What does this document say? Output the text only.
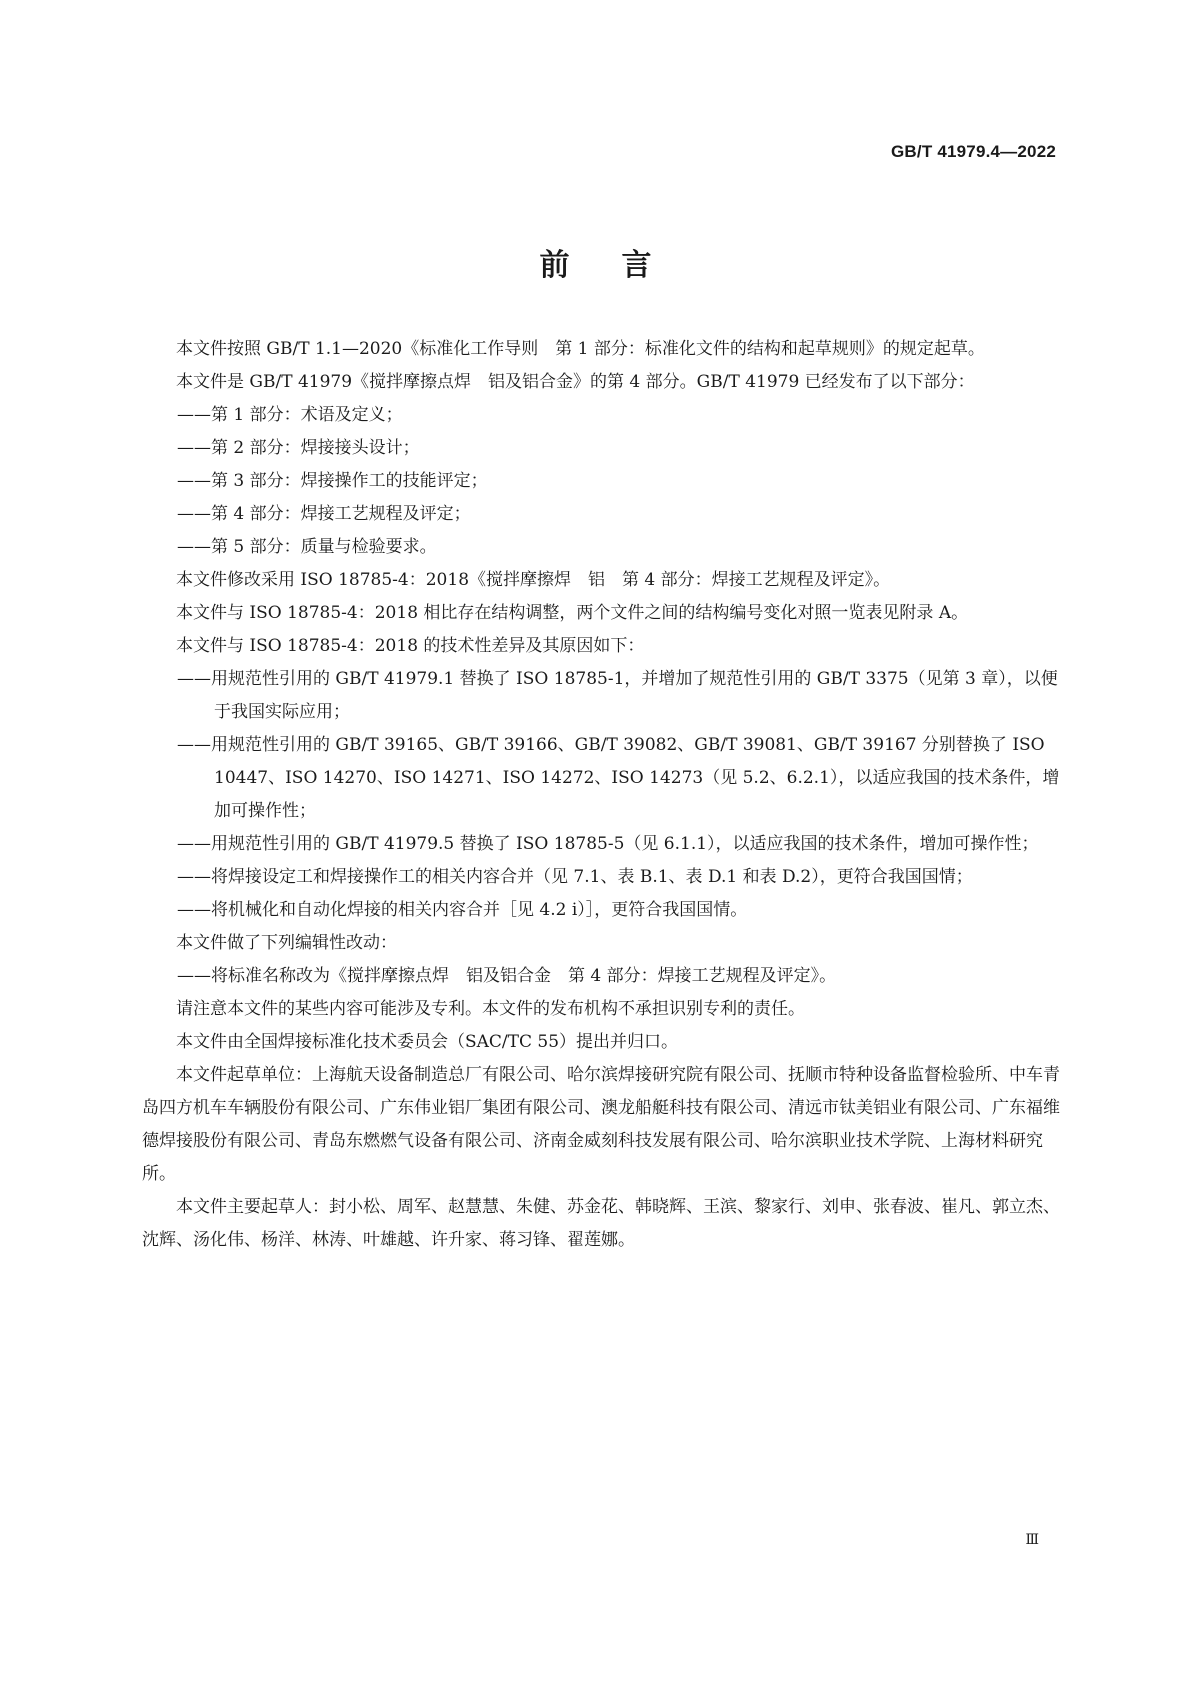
GB/T 41979.4—2022
前言

本文件按照 GB/T 1.1—2020《标准化工作导则　第 1 部分：标准化文件的结构和起草规则》的规定起草。

本文件是 GB/T 41979《搅拌摩擦点焊　铝及铝合金》的第 4 部分。GB/T 41979 已经发布了以下部分：

——第 1 部分：术语及定义；

——第 2 部分：焊接接头设计；

——第 3 部分：焊接操作工的技能评定；

——第 4 部分：焊接工艺规程及评定；

——第 5 部分：质量与检验要求。

本文件修改采用 ISO 18785-4：2018《搅拌摩擦焊　铝　第 4 部分：焊接工艺规程及评定》。

本文件与 ISO 18785-4：2018 相比存在结构调整，两个文件之间的结构编号变化对照一览表见附录 A。

本文件与 ISO 18785-4：2018 的技术性差异及其原因如下：

——用规范性引用的 GB/T 41979.1 替换了 ISO 18785-1，并增加了规范性引用的 GB/T 3375（见第 3 章），以便于我国实际应用；

——用规范性引用的 GB/T 39165、GB/T 39166、GB/T 39082、GB/T 39081、GB/T 39167 分别替换了 ISO 10447、ISO 14270、ISO 14271、ISO 14272、ISO 14273（见 5.2、6.2.1），以适应我国的技术条件，增加可操作性；

——用规范性引用的 GB/T 41979.5 替换了 ISO 18785-5（见 6.1.1），以适应我国的技术条件，增加可操作性；

——将焊接设定工和焊接操作工的相关内容合并（见 7.1、表 B.1、表 D.1 和表 D.2），更符合我国国情；

——将机械化和自动化焊接的相关内容合并［见 4.2 i）］，更符合我国国情。

本文件做了下列编辑性改动：

——将标准名称改为《搅拌摩擦点焊　铝及铝合金　第 4 部分：焊接工艺规程及评定》。

请注意本文件的某些内容可能涉及专利。本文件的发布机构不承担识别专利的责任。

本文件由全国焊接标准化技术委员会（SAC/TC 55）提出并归口。

本文件起草单位：上海航天设备制造总厂有限公司、哈尔滨焊接研究院有限公司、抚顺市特种设备监督检验所、中车青岛四方机车车辆股份有限公司、广东伟业铝厂集团有限公司、澳龙船艇科技有限公司、清远市钛美铝业有限公司、广东福维德焊接股份有限公司、青岛东燃燃气设备有限公司、济南金威刻科技发展有限公司、哈尔滨职业技术学院、上海材料研究所。

本文件主要起草人：封小松、周军、赵慧慧、朱健、苏金花、韩晓辉、王滨、黎家行、刘申、张春波、崔凡、郭立杰、沈辉、汤化伟、杨洋、林涛、叶雄越、许升家、蒋习锋、翟莲娜。

Ⅲ
